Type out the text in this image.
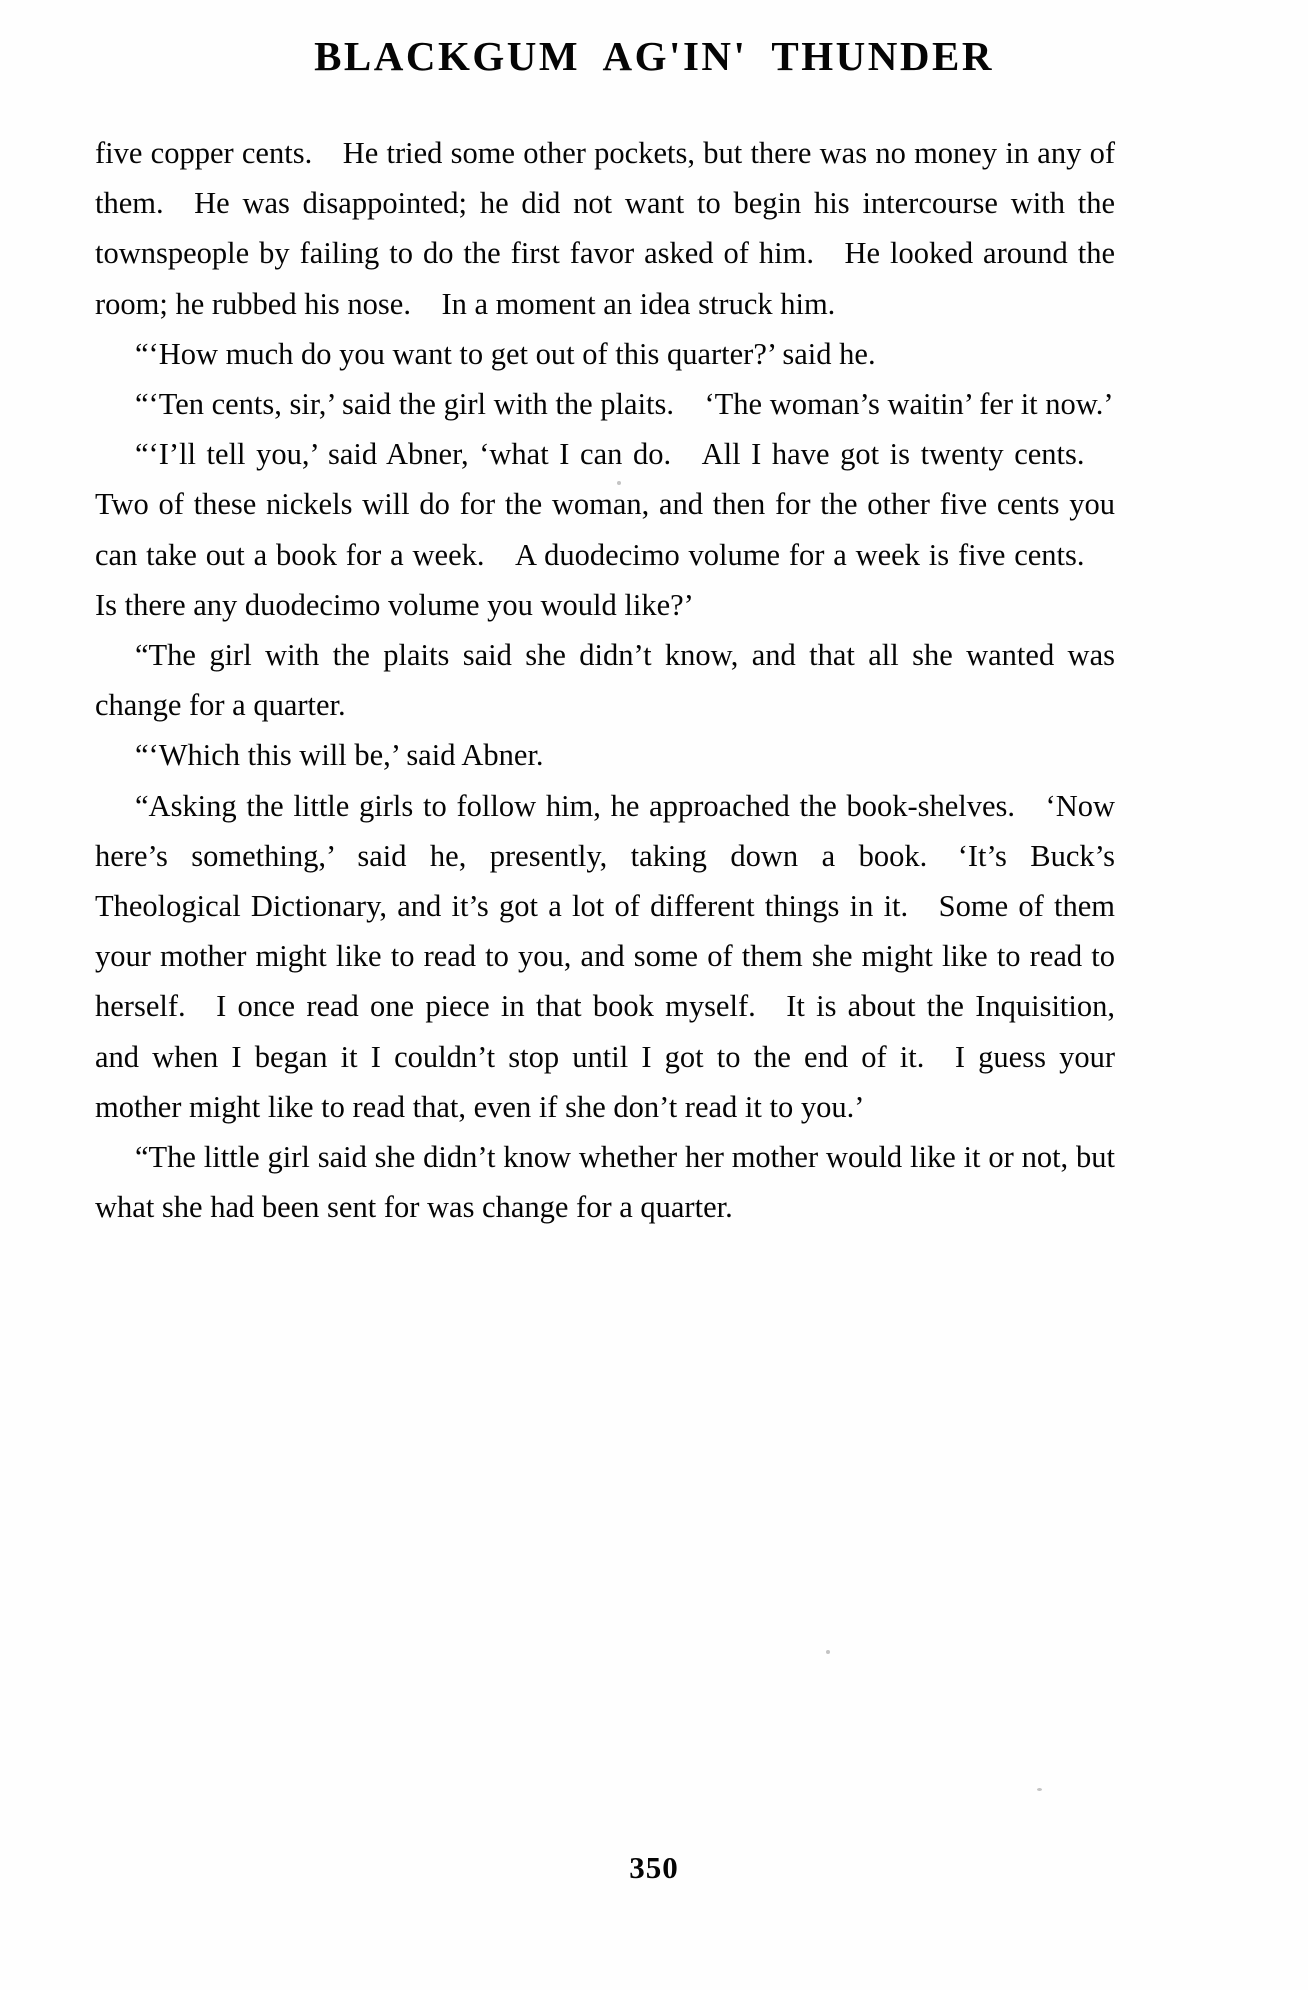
BLACKGUM AG'IN' THUNDER

five copper cents. He tried some other pockets, but there was no money in any of them. He was disappointed; he did not want to begin his intercourse with the townspeople by failing to do the first favor asked of him. He looked around the room; he rubbed his nose. In a moment an idea struck him.

“‘How much do you want to get out of this quarter?’ said he.

“‘Ten cents, sir,’ said the girl with the plaits. ‘The woman’s waitin’ fer it now.’

“‘I’ll tell you,’ said Abner, ‘what I can do. All I have got is twenty cents. Two of these nickels will do for the woman, and then for the other five cents you can take out a book for a week. A duodecimo volume for a week is five cents. Is there any duodecimo volume you would like?’

“The girl with the plaits said she didn’t know, and that all she wanted was change for a quarter.

“‘Which this will be,’ said Abner.

“Asking the little girls to follow him, he approached the book-shelves. ‘Now here’s something,’ said he, presently, taking down a book. ‘It’s Buck’s Theological Dictionary, and it’s got a lot of different things in it. Some of them your mother might like to read to you, and some of them she might like to read to herself. I once read one piece in that book myself. It is about the Inquisition, and when I began it I couldn’t stop until I got to the end of it. I guess your mother might like to read that, even if she don’t read it to you.’

“The little girl said she didn’t know whether her mother would like it or not, but what she had been sent for was change for a quarter.

350
